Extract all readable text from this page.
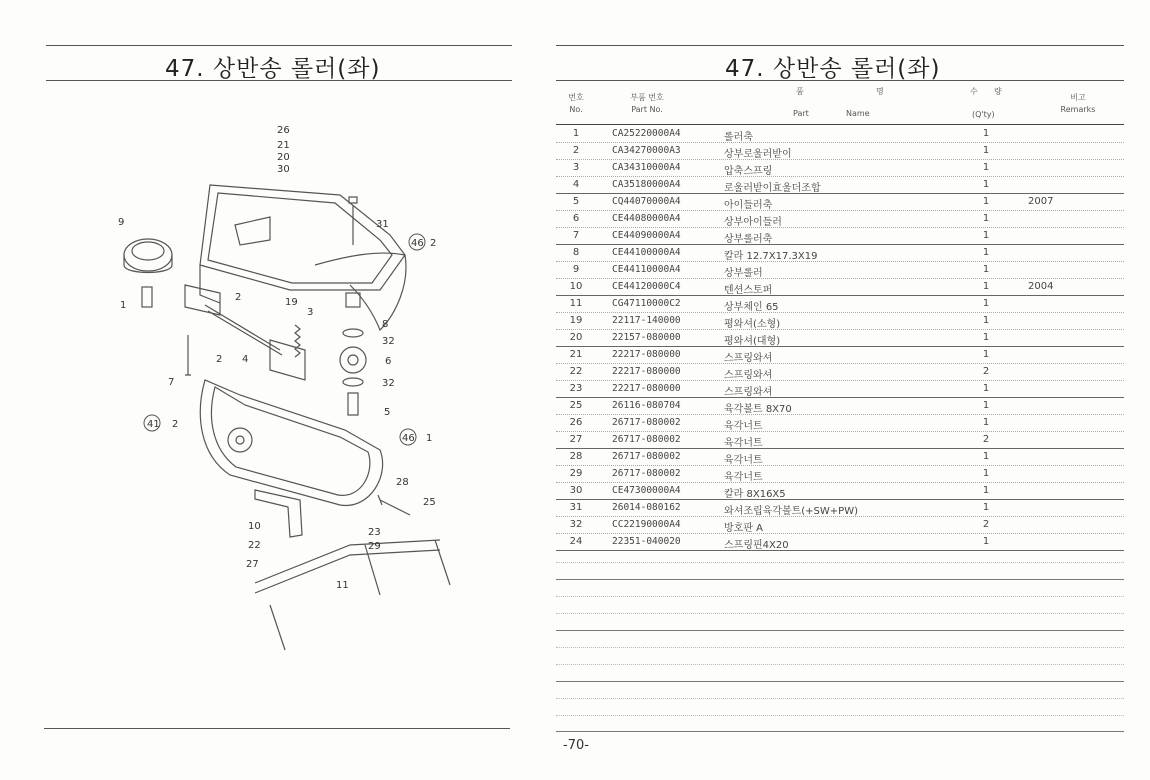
47. 상반송 롤러(좌)
26
21
20
30
31
46 2
9
1
2	19
3
8
32
4	6
32
2
7
41 2
5
46 1
28
25
10
22
23
29
27
11
47. 상반송 롤러(좌)
번호
No.
부품 번호
Part No.
품	명
Part	Name
수 량
(Q'ty)
비고
Remarks
1	CA25220000A4	롤러축	1
2	CA34270000A3	상부로울러받이	1
3	CA34310000A4	압축스프링	1
4	CA35180000A4	로울러받이효울더조합	1
5	CQ44070000A4	아이들러축	1	2007
6	CE44080000A4	상부아이들러	1
7	CE44090000A4	상부롤러축	1
8	CE44100000A4	칼라 12.7X17.3X19	1
9	CE44110000A4	상부롤러	1
10	CE44120000C4	텐션스토퍼	1	2004
11	CG47110000C2	상부체인 65	1
19	22117-140000	평와셔(소형)	1
20	22157-080000	평와셔(대형)	1
21	22217-080000	스프링와셔	1
22	22217-080000	스프링와셔	2
23	22217-080000	스프링와셔	1
25	26116-080704	육각볼트 8X70	1
26	26717-080002	육각너트	1
27	26717-080002	육각너트	2
28	26717-080002	육각너트	1
29	26717-080002	육각너트	1
30	CE47300000A4	칼라 8X16X5	1
31	26014-080162	와셔조립육각볼트(+SW+PW)	1
32	CC22190000A4	방호판 A	2
24	22351-040020	스프링핀4X20	1
-70-
